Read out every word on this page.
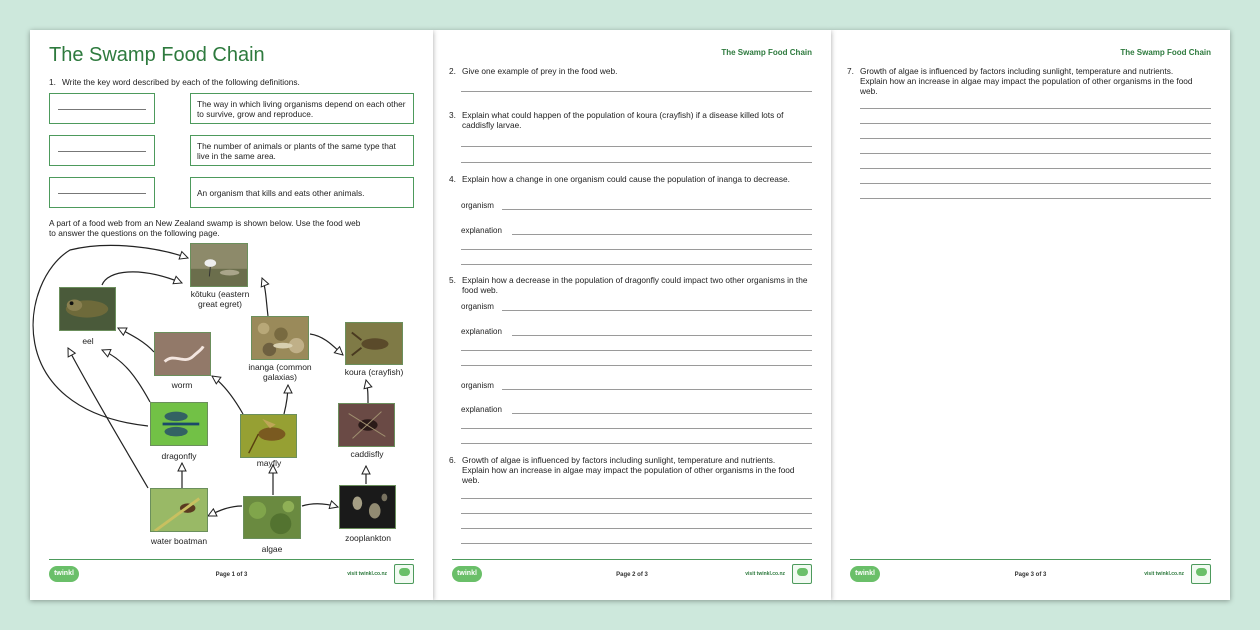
The Swamp Food Chain
1. Write the key word described by each of the following definitions.
The way in which living organisms depend on each other to survive, grow and reproduce.
The number of animals or plants of the same type that live in the same area.
An organism that kills and eats other animals.
A part of a food web from an New Zealand swamp is shown below. Use the food web to answer the questions on the following page.
kōtuku (eastern great egret)
eel
worm
inanga (common galaxias)	koura (crayfish)
dragonfly
mayfly
caddisfly
water boatman
algae
zooplankton
twinkl	Page 1 of 3	visit twinkl.co.nz
The Swamp Food Chain
2. Give one example of prey in the food web.
3. Explain what could happen of the population of koura (crayfish) if a disease killed lots of caddisfly larvae.
4. Explain how a change in one organism could cause the population of inanga to decrease.
organism
explanation
5. Explain how a decrease in the population of dragonfly could impact two other organisms in the food web.
organism
explanation
organism
explanation
6. Growth of algae is influenced by factors including sunlight, temperature and nutrients. Explain how an increase in algae may impact the population of other organisms in the food web.
twinkl	Page 2 of 3	visit twinkl.co.nz
The Swamp Food Chain
7. Growth of algae is influenced by factors including sunlight, temperature and nutrients. Explain how an increase in algae may impact the population of other organisms in the food web.
twinkl	Page 3 of 3	visit twinkl.co.nz
